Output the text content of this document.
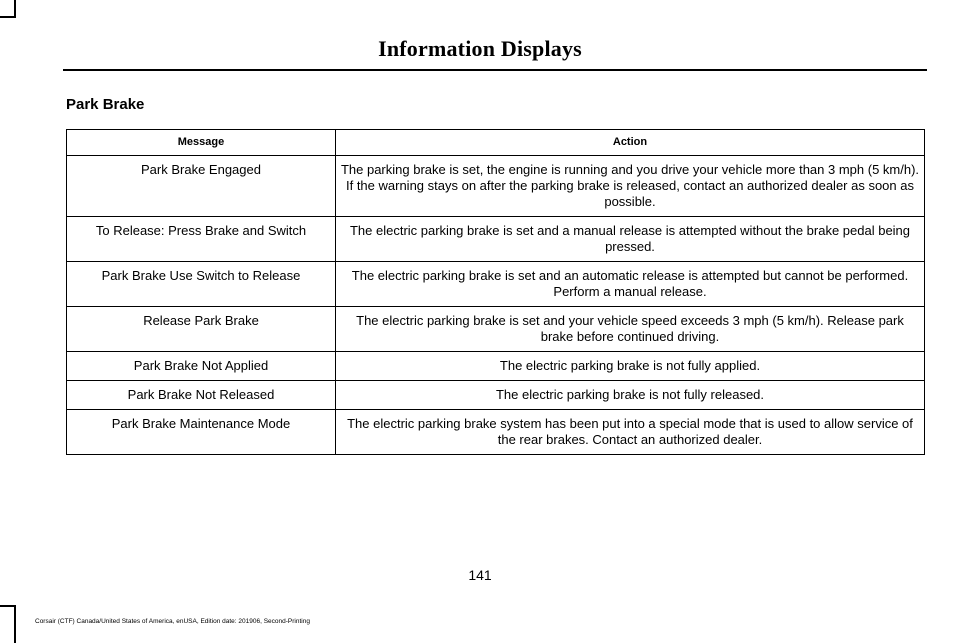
Information Displays
Park Brake
Message	Action
Park Brake Engaged	The parking brake is set, the engine is running and you drive your vehicle more than 3 mph (5 km/h). If the warning stays on after the parking brake is released, contact an authorized dealer as soon as possible.
To Release: Press Brake and Switch	The electric parking brake is set and a manual release is attempted without the brake pedal being pressed.
Park Brake Use Switch to Release	The electric parking brake is set and an automatic release is attempted but cannot be performed. Perform a manual release.
Release Park Brake	The electric parking brake is set and your vehicle speed exceeds 3 mph (5 km/h). Release park brake before continued driving.
Park Brake Not Applied	The electric parking brake is not fully applied.
Park Brake Not Released	The electric parking brake is not fully released.
Park Brake Maintenance Mode	The electric parking brake system has been put into a special mode that is used to allow service of the rear brakes. Contact an authorized dealer.
141
Corsair (CTF) Canada/United States of America, enUSA, Edition date: 201906, Second-Printing
